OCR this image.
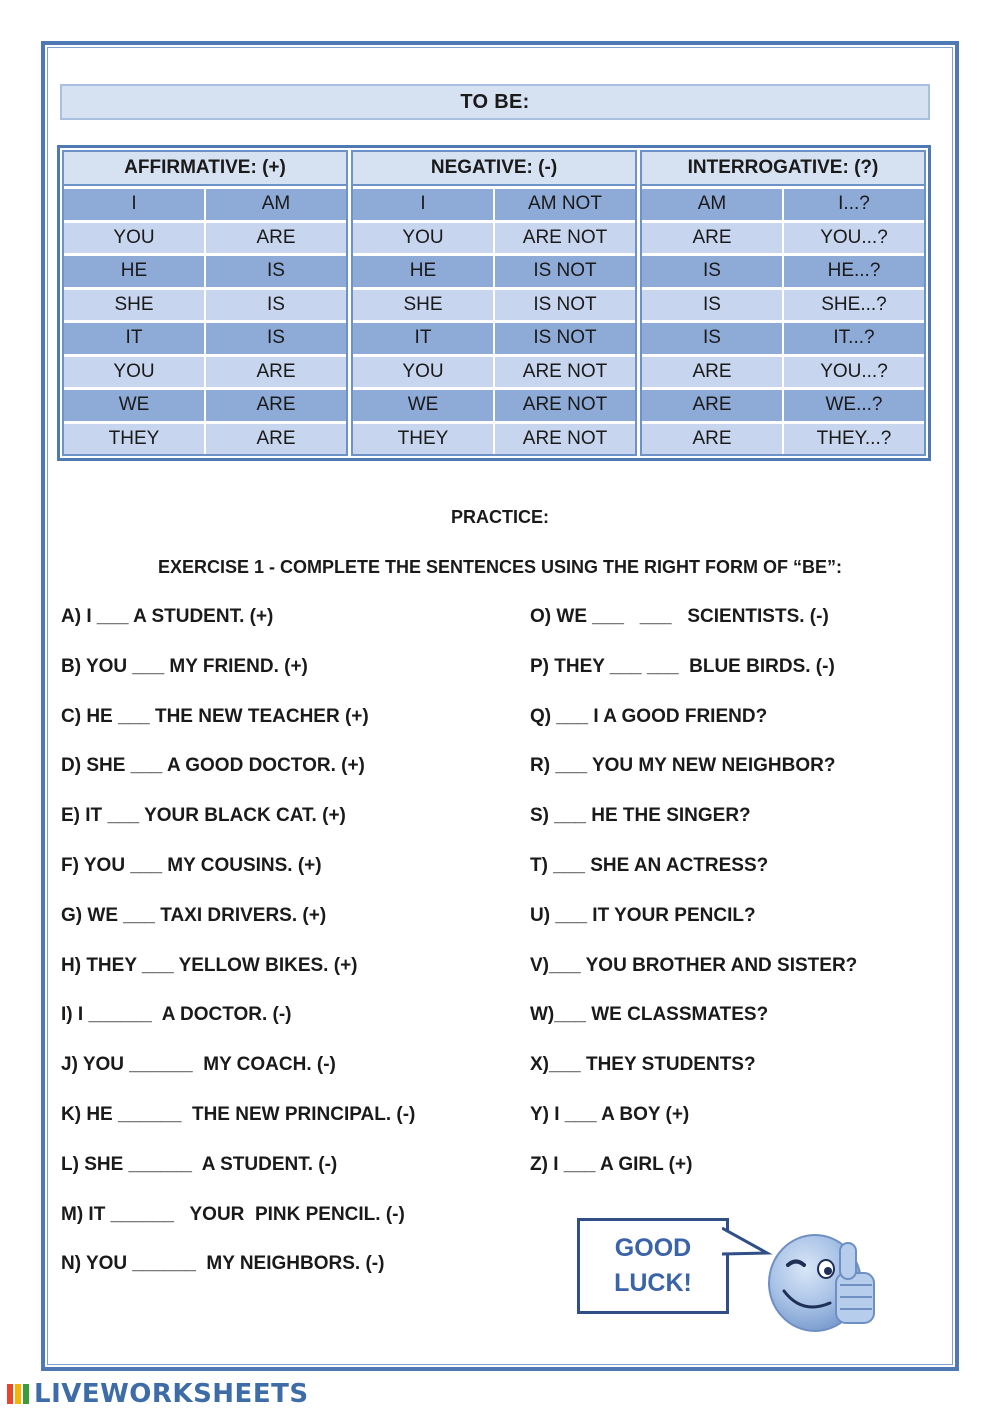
TO BE:
AFFIRMATIVE: (+)
I	AM
YOU	ARE
HE	IS
SHE	IS
IT	IS
YOU	ARE
WE	ARE
THEY	ARE
NEGATIVE: (-)
I	AM NOT
YOU	ARE NOT
HE	IS NOT
SHE	IS NOT
IT	IS NOT
YOU	ARE NOT
WE	ARE NOT
THEY	ARE NOT
INTERROGATIVE: (?)
AM	I...?
ARE	YOU...?
IS	HE...?
IS	SHE...?
IS	IT...?
ARE	YOU...?
ARE	WE...?
ARE	THEY...?
PRACTICE:
EXERCISE 1 - COMPLETE THE SENTENCES USING THE RIGHT FORM OF “BE”:
A) I ___ A STUDENT. (+)
B) YOU ___ MY FRIEND. (+)
C) HE ___ THE NEW TEACHER (+)
D) SHE ___ A GOOD DOCTOR. (+)
E) IT ___ YOUR BLACK CAT. (+)
F) YOU ___ MY COUSINS. (+)
G) WE ___ TAXI DRIVERS. (+)
H) THEY ___ YELLOW BIKES. (+)
I) I ______  A DOCTOR. (-)
J) YOU ______  MY COACH. (-)
K) HE ______  THE NEW PRINCIPAL. (-)
L) SHE ______  A STUDENT. (-)
M) IT ______   YOUR  PINK PENCIL. (-)
N) YOU ______  MY NEIGHBORS. (-)
O) WE ___   ___   SCIENTISTS. (-)
P) THEY ___ ___  BLUE BIRDS. (-)
Q) ___ I A GOOD FRIEND?
R) ___ YOU MY NEW NEIGHBOR?
S) ___ HE THE SINGER?
T) ___ SHE AN ACTRESS?
U) ___ IT YOUR PENCIL?
V)___ YOU BROTHER AND SISTER?
W)___ WE CLASSMATES?
X)___ THEY STUDENTS?
Y) I ___ A BOY (+)
Z) I ___ A GIRL (+)
GOOD
LUCK!
LIVEWORKSHEETS
